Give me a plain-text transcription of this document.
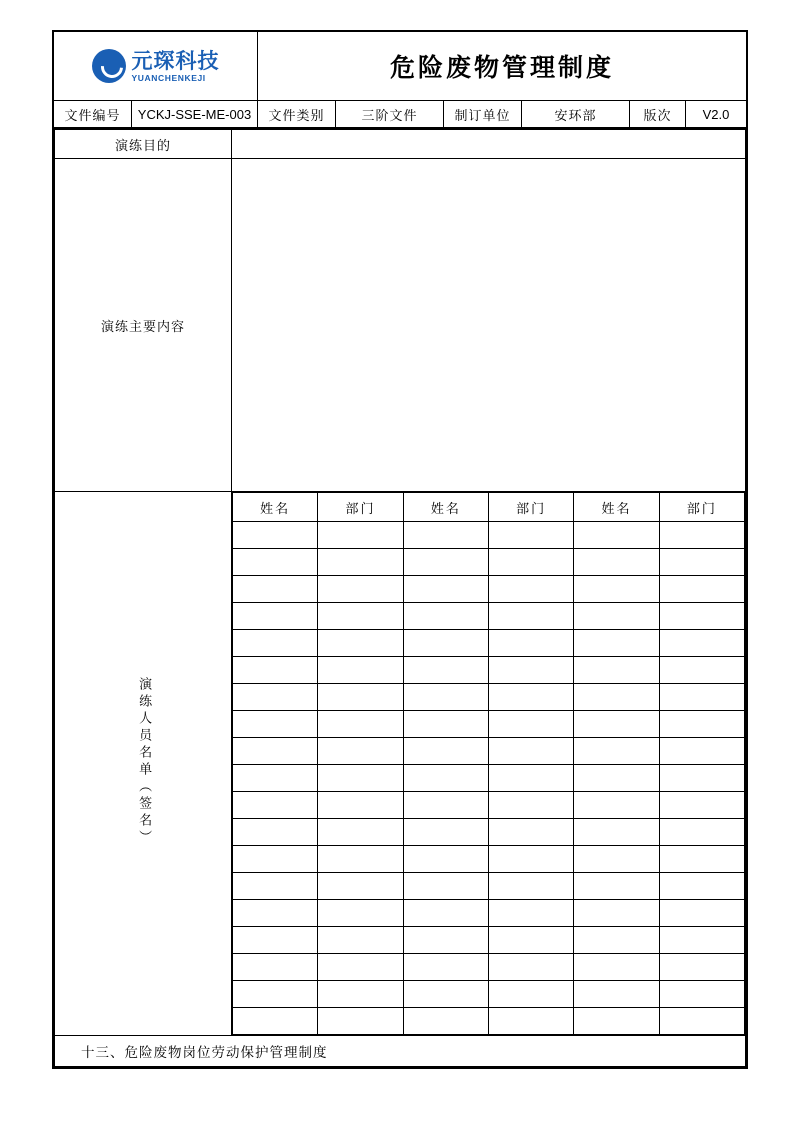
元琛科技
YUANCHENKEJI	危险废物管理制度
文件编号	YCKJ-SSE-ME-003	文件类别	三阶文件	制订单位	安环部	版次	V2.0
演练目的	
演练主要内容	
演练人员名单（签名）	
姓名	部门	姓名	部门	姓名	部门

十三、危险废物岗位劳动保护管理制度
